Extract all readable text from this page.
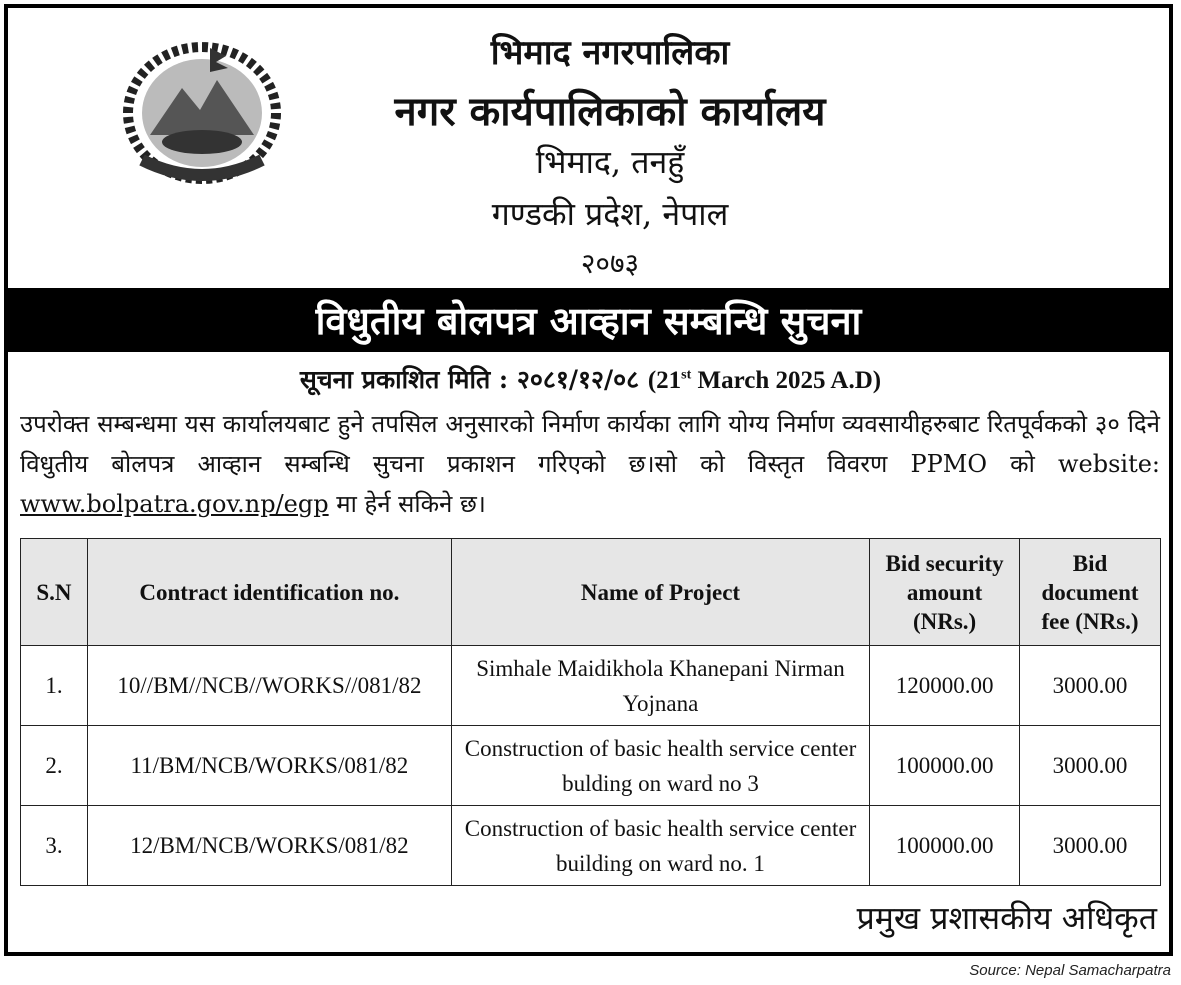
भिमाद नगरपालिका
नगर कार्यपालिकाको कार्यालय
भिमाद, तनहुँ
गण्डकी प्रदेश, नेपाल
२०७३
विधुतीय बोलपत्र आव्हान सम्बन्धि सुचना
सूचना प्रकाशित मिति : २०८१/१२/०८ (21st March 2025 A.D)
उपरोक्त सम्बन्धमा यस कार्यालयबाट हुने तपसिल अनुसारको निर्माण कार्यका लागि योग्य निर्माण व्यवसायीहरुबाट रितपूर्वकको ३० दिने विधुतीय बोलपत्र आव्हान सम्बन्धि सुचना प्रकाशन गरिएको छ।सो को विस्तृत विवरण PPMO को website: www.bolpatra.gov.np/egp मा हेर्न सकिने छ।
S.N	Contract identification no.	Name of Project	Bid security amount (NRs.)	Bid document fee (NRs.)
1.	10//BM//NCB//WORKS//081/82	Simhale Maidikhola Khanepani Nirman Yojnana	120000.00	3000.00
2.	11/BM/NCB/WORKS/081/82	Construction of basic health service center bulding on ward no 3	100000.00	3000.00
3.	12/BM/NCB/WORKS/081/82	Construction of basic health service center building on ward no. 1	100000.00	3000.00
प्रमुख प्रशासकीय अधिकृत
Source: Nepal Samacharpatra
